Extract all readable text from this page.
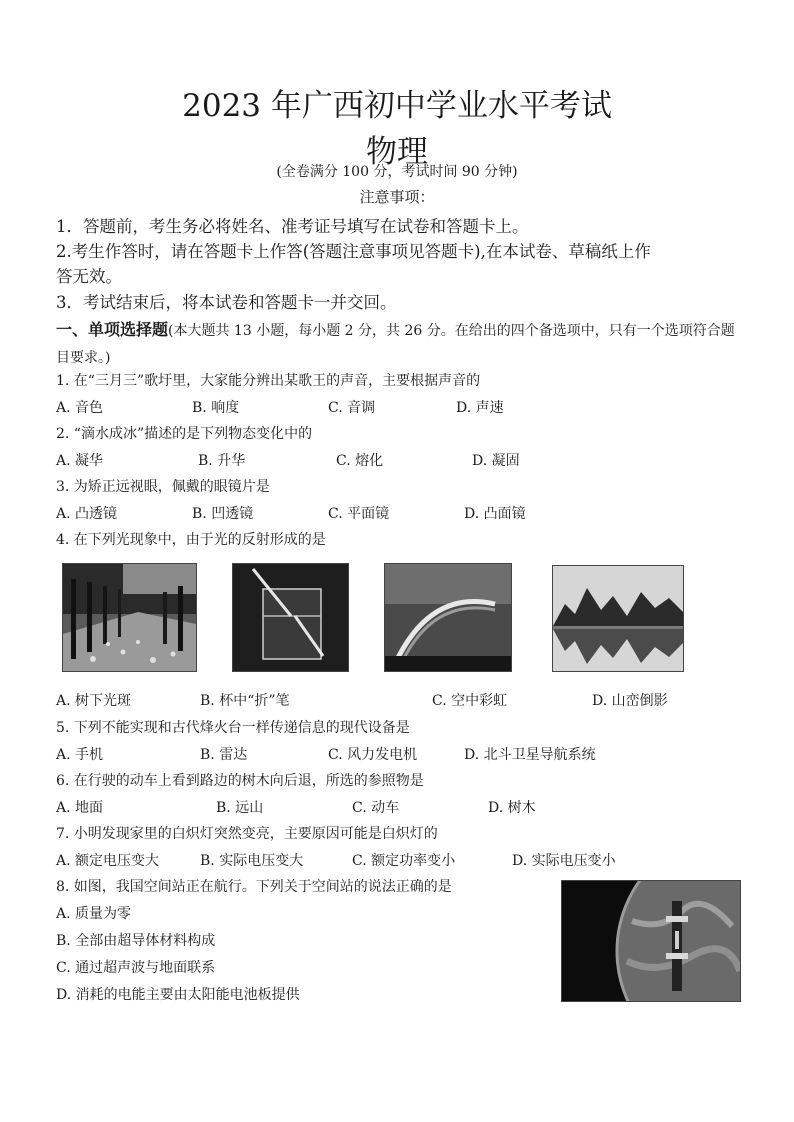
2023 年广西初中学业水平考试
物理
(全卷满分 100 分，考试时间 90 分钟)
注意事项：
1．答题前，考生务必将姓名、准考证号填写在试卷和答题卡上。
2.考生作答时，请在答题卡上作答(答题注意事项见答题卡),在本试卷、草稿纸上作
答无效。
3．考试结束后，将本试卷和答题卡一并交回。
一、单项选择题(本大题共 13 小题，每小题 2 分，共 26 分。在给出的四个备选项中，只有一个选项符合题目要求。)
1. 在“三月三”歌圩里，大家能分辨出某歌王的声音，主要根据声音的
A. 音色	B. 响度	C. 音调	D. 声速
2. “滴水成冰”描述的是下列物态变化中的
A. 凝华	B. 升华	C. 熔化	D. 凝固
3. 为矫正远视眼，佩戴的眼镜片是
A. 凸透镜	B. 凹透镜	C. 平面镜	D. 凸面镜
4. 在下列光现象中，由于光的反射形成的是
A. 树下光斑	B. 杯中“折”笔	C. 空中彩虹	D. 山峦倒影
5. 下列不能实现和古代烽火台一样传递信息的现代设备是
A. 手机	B. 雷达	C. 风力发电机	D. 北斗卫星导航系统
6. 在行驶的动车上看到路边的树木向后退，所选的参照物是
A. 地面	B. 远山	C. 动车	D. 树木
7. 小明发现家里的白炽灯突然变亮，主要原因可能是白炽灯的
A. 额定电压变大	B. 实际电压变大	C. 额定功率变小	D. 实际电压变小
8. 如图，我国空间站正在航行。下列关于空间站的说法正确的是
A. 质量为零
B. 全部由超导体材料构成
C. 通过超声波与地面联系
D. 消耗的电能主要由太阳能电池板提供
